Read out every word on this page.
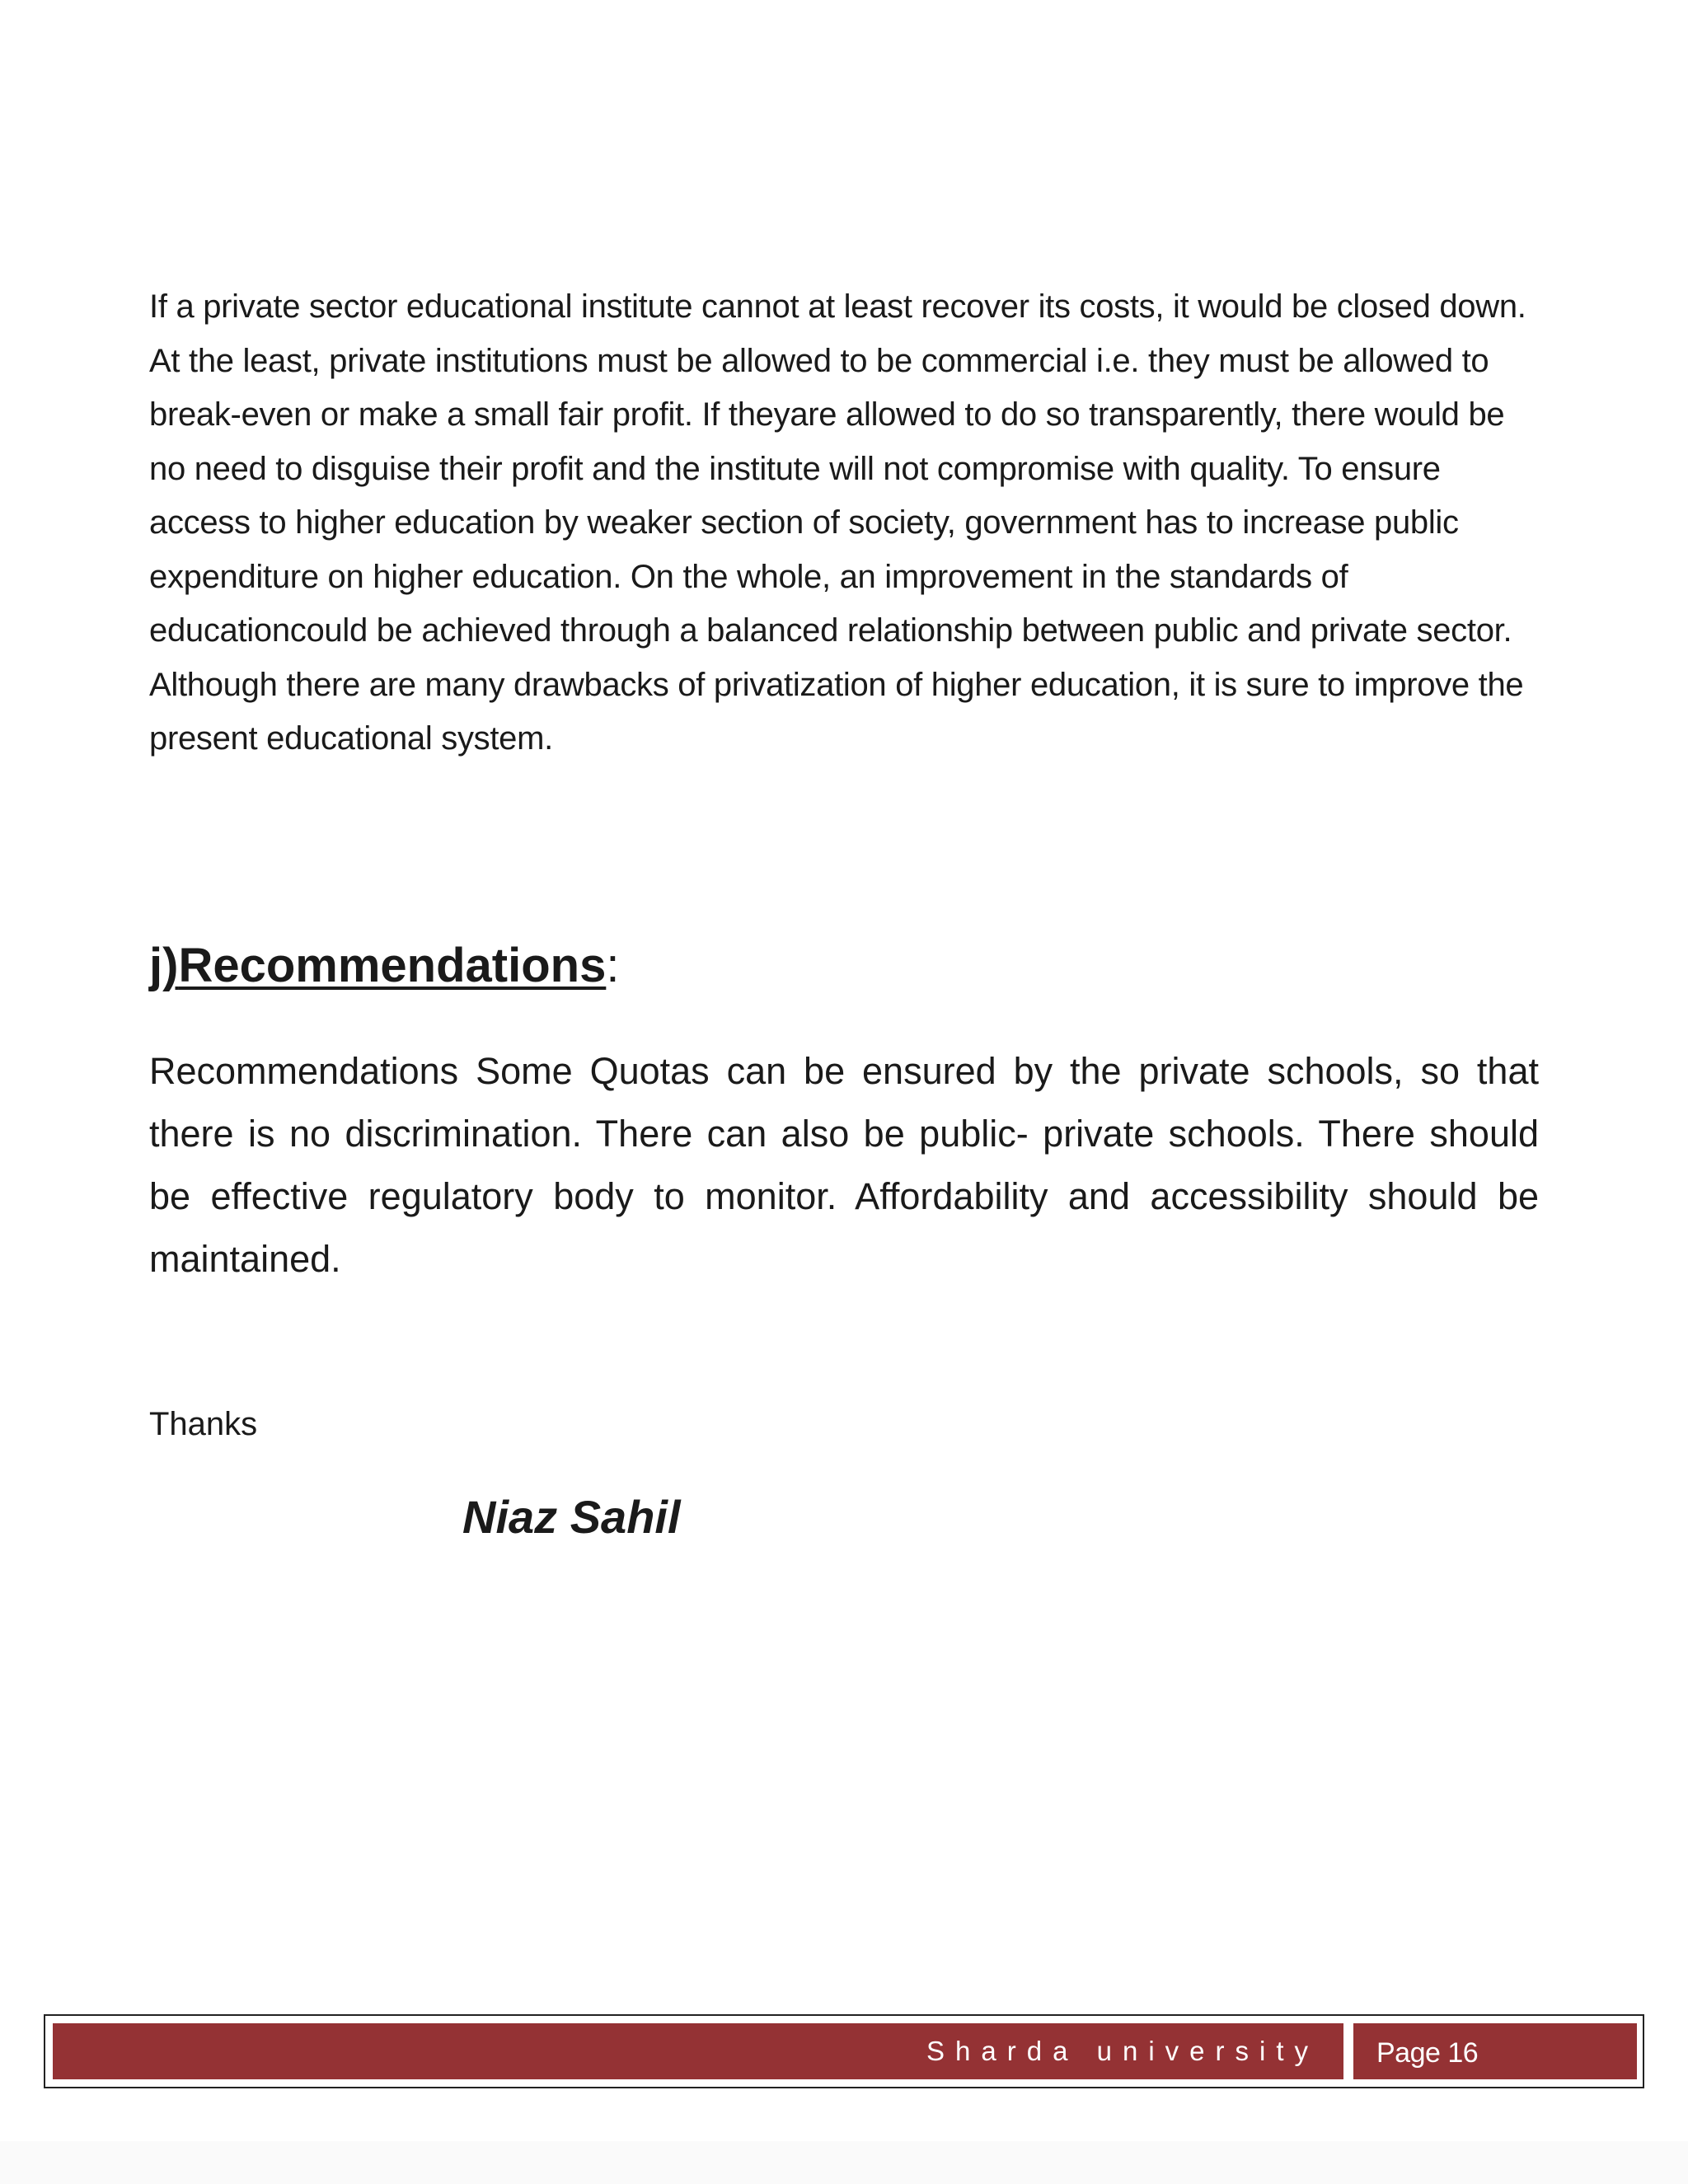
If a private sector educational institute cannot at least recover its costs, it would be closed down. At the least, private institutions must be allowed to be commercial i.e. they must be allowed to break-even or make a small fair profit. If theyare allowed to do so transparently, there would be no need to disguise their profit and the institute will not compromise with quality. To ensure access to higher education by weaker section of society, government has to increase public expenditure on higher education. On the whole, an improvement in the standards of educationcould be achieved through a balanced relationship between public and private sector. Although there are many drawbacks of privatization of higher education, it is sure to improve the present educational system.

j)Recommendations:

Recommendations Some Quotas can be ensured by the private schools, so that there is no discrimination. There can also be public- private schools. There should be effective regulatory body to monitor. Affordability and accessibility should be maintained.

Thanks

Niaz Sahil

Sharda university Page 16
